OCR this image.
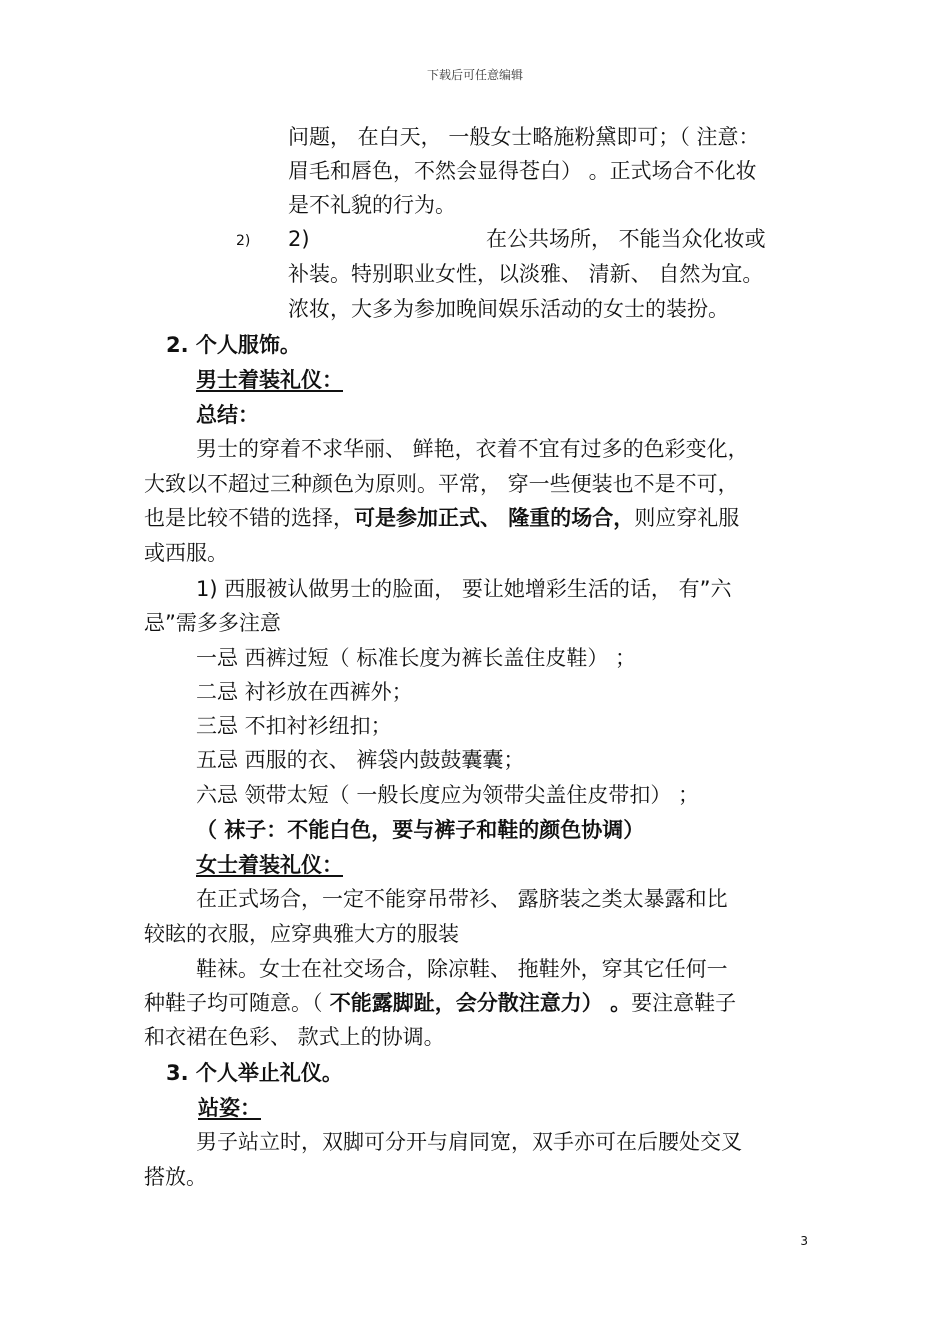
下载后可任意编辑
问题， 在白天， 一般女士略施粉黛即可；（ 注意：
眉毛和唇色，不然会显得苍白） 。正式场合不化妆
是不礼貌的行为。
2) 2)	在公共场所， 不能当众化妆或
补装。特别职业女性，以淡雅、 清新、 自然为宜。
浓妆，大多为参加晚间娱乐活动的女士的装扮。
2. 个人服饰。
男士着装礼仪：
总结：
男士的穿着不求华丽、 鲜艳，衣着不宜有过多的色彩变化，
大致以不超过三种颜色为原则。平常， 穿一些便装也不是不可，
也是比较不错的选择，可是参加正式、 隆重的场合，则应穿礼服
或西服。
1) 西服被认做男士的脸面， 要让她增彩生活的话， 有”六
忌”需多多注意
一忌 西裤过短（ 标准长度为裤长盖住皮鞋） ；
二忌 衬衫放在西裤外；
三忌 不扣衬衫纽扣；
五忌 西服的衣、 裤袋内鼓鼓囊囊；
六忌 领带太短（ 一般长度应为领带尖盖住皮带扣） ；
（ 袜子：不能白色，要与裤子和鞋的颜色协调）
女士着装礼仪：
在正式场合，一定不能穿吊带衫、 露脐装之类太暴露和比
较眩的衣服，应穿典雅大方的服装
鞋袜。女士在社交场合，除凉鞋、 拖鞋外，穿其它任何一
种鞋子均可随意。（ 不能露脚趾，会分散注意力） 。要注意鞋子
和衣裙在色彩、 款式上的协调。
3. 个人举止礼仪。
站姿：
男子站立时，双脚可分开与肩同宽，双手亦可在后腰处交叉
搭放。
3
